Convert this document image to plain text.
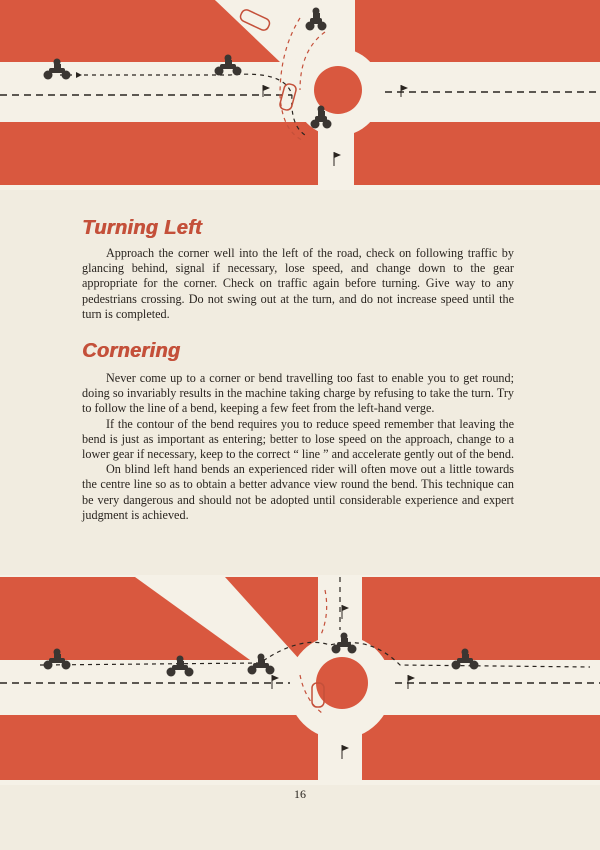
Turning Left

Approach the corner well into the left of the road, check on following traffic by glancing behind, signal if necessary, lose speed, and change down to the gear appropriate for the corner. Check on traffic again before turning. Give way to any pedestrians crossing. Do not swing out at the turn, and do not increase speed until the turn is completed.

Cornering

Never come up to a corner or bend travelling too fast to enable you to get round; doing so invariably results in the machine taking charge by refusing to take the turn. Try to follow the line of a bend, keeping a few feet from the left-hand verge.

If the contour of the bend requires you to reduce speed remember that leaving the bend is just as important as entering; better to lose speed on the approach, change to a lower gear if necessary, keep to the correct “ line ” and accelerate gently out of the bend.

On blind left hand bends an experienced rider will often move out a little towards the centre line so as to obtain a better advance view round the bend. This technique can be very dangerous and should not be adopted until considerable experience and expert judgment is achieved.

16
